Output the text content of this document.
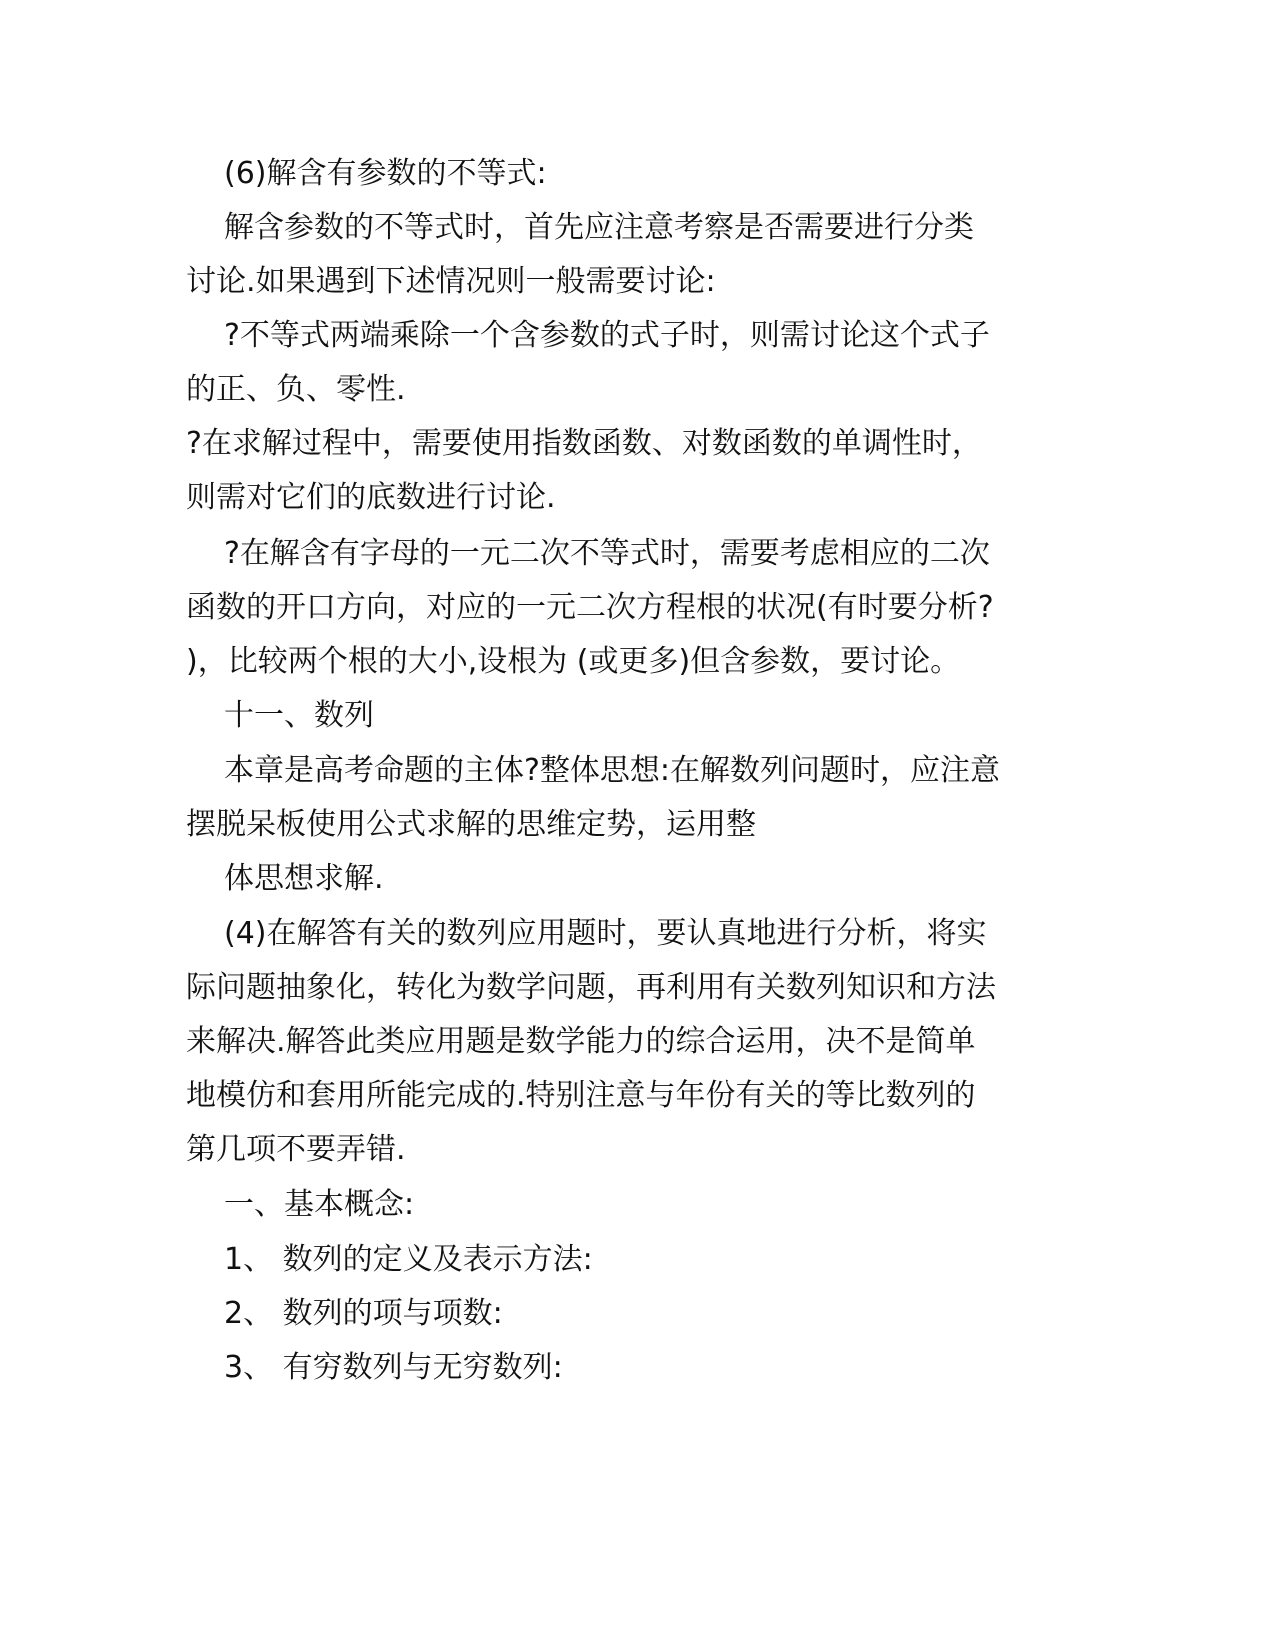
(6)解含有参数的不等式:
解含参数的不等式时，首先应注意考察是否需要进行分类
讨论.如果遇到下述情况则一般需要讨论:
?不等式两端乘除一个含参数的式子时，则需讨论这个式子
的正、负、零性.
?在求解过程中，需要使用指数函数、对数函数的单调性时，
则需对它们的底数进行讨论.
?在解含有字母的一元二次不等式时，需要考虑相应的二次
函数的开口方向，对应的一元二次方程根的状况(有时要分析?
)，比较两个根的大小,设根为 (或更多)但含参数，要讨论。
十一、数列
本章是高考命题的主体?整体思想:在解数列问题时，应注意
摆脱呆板使用公式求解的思维定势，运用整
体思想求解.
(4)在解答有关的数列应用题时，要认真地进行分析，将实
际问题抽象化，转化为数学问题，再利用有关数列知识和方法
来解决.解答此类应用题是数学能力的综合运用，决不是简单
地模仿和套用所能完成的.特别注意与年份有关的等比数列的
第几项不要弄错.
一、基本概念:
1、 数列的定义及表示方法:
2、 数列的项与项数:
3、 有穷数列与无穷数列:
